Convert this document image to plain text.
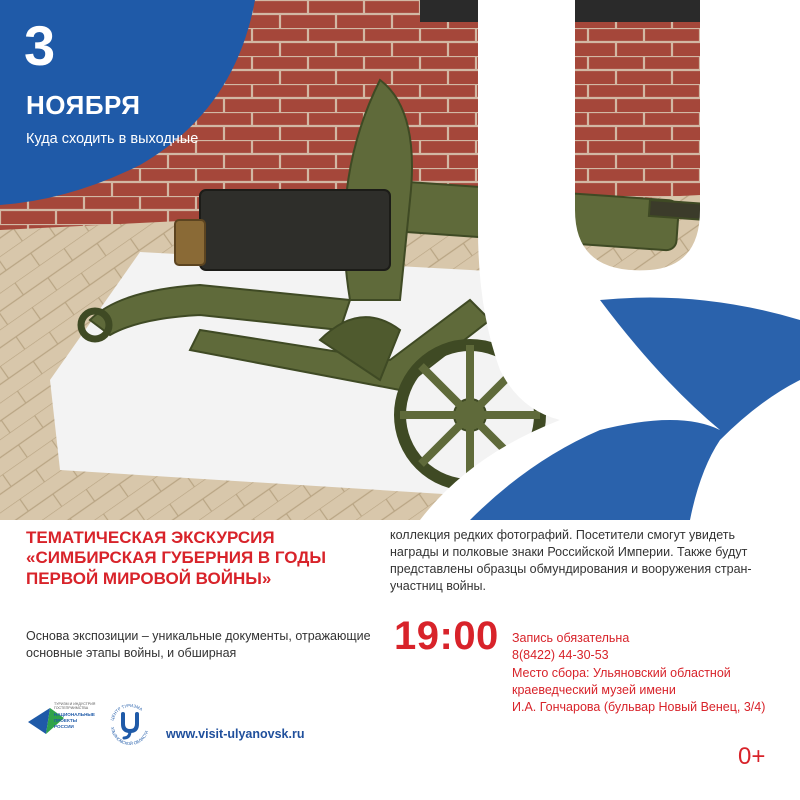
3
НОЯБРЯ
Куда сходить в выходные
ТЕМАТИЧЕСКАЯ ЭКСКУРСИЯ «СИМБИРСКАЯ ГУБЕРНИЯ В ГОДЫ ПЕРВОЙ МИРОВОЙ ВОЙНЫ»
Основа экспозиции – уникальные документы, отражающие основные этапы войны, и обширная
коллекция редких фотографий. Посетители смогут увидеть награды и полковые знаки Российской Империи. Также будут представлены образцы обмундирования и вооружения стран-участниц войны.
19:00 Запись обязательна
8(8422) 44-30-53
Место сбора: Ульяновский областной
краеведческий музей имени
И.А. Гончарова (бульвар Новый Венец, 3/4)
ТУРИЗМ И ИНДУСТРИЯ
ГОСТЕПРИИМСТВА
НАЦИОНАЛЬНЫЕ
ПРОЕКТЫ
РОССИИ
ЦЕНТР ТУРИЗМА
УЛЬЯНОВСКОЙ ОБЛАСТИ www.visit-ulyanovsk.ru
0+
